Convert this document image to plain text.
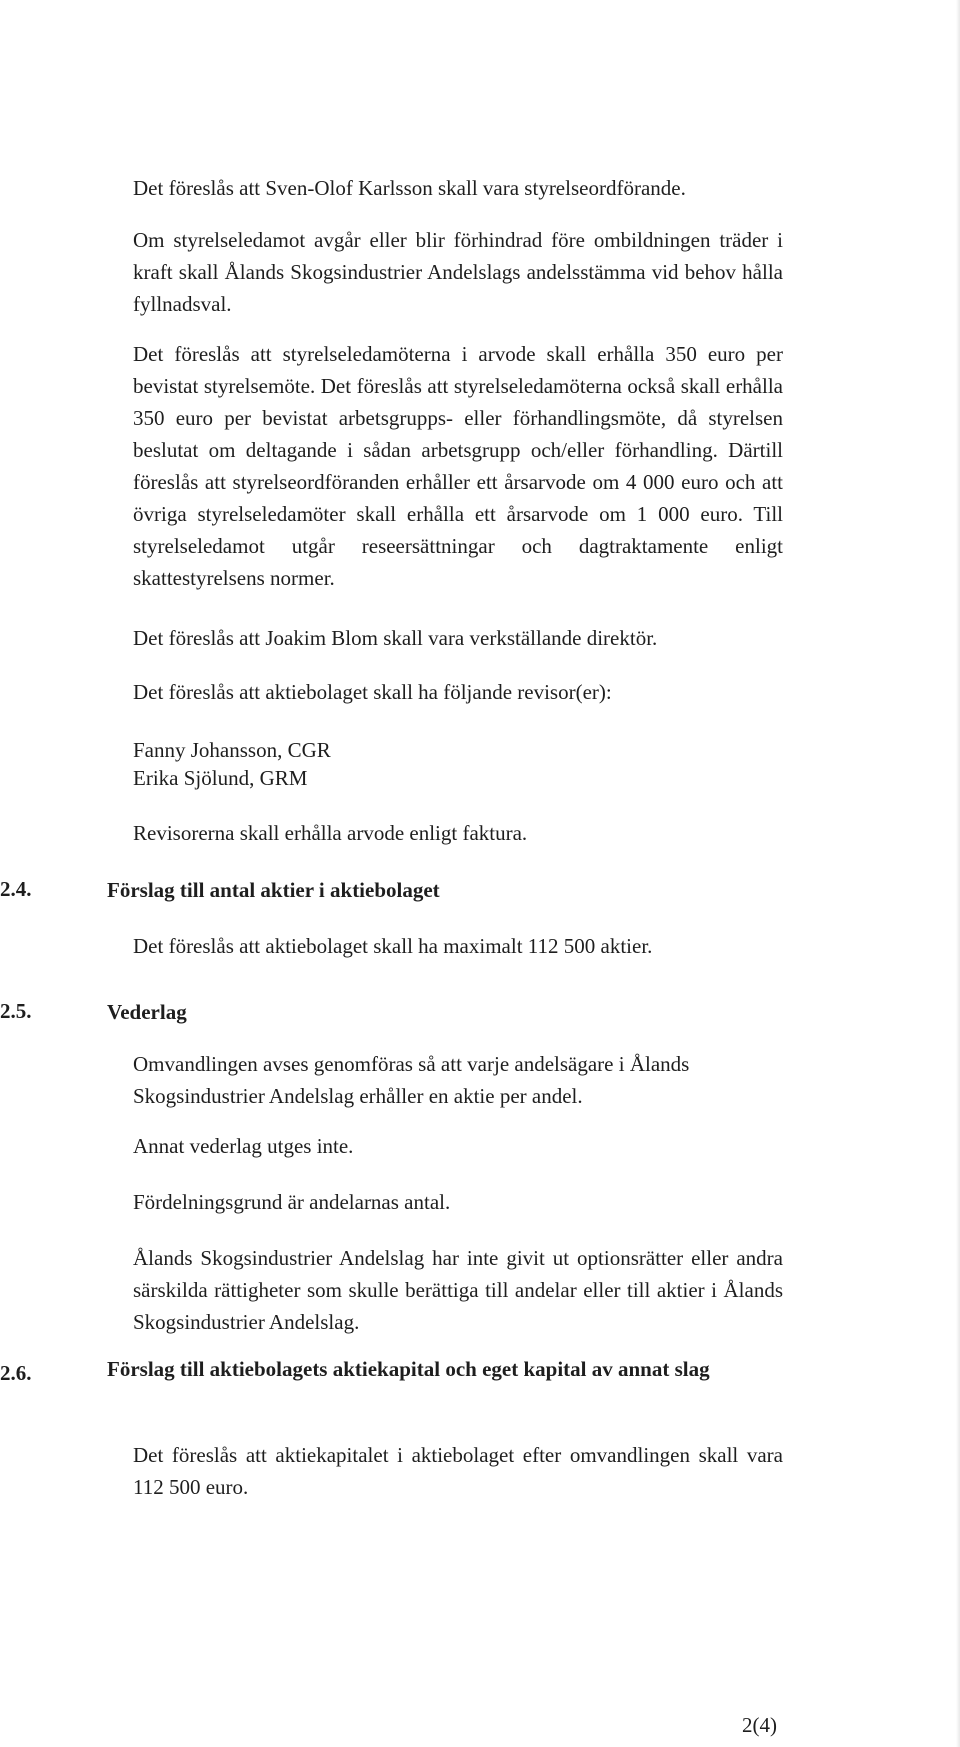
Det föreslås att Sven-Olof Karlsson skall vara styrelseordförande.

Om styrelseledamot avgår eller blir förhindrad före ombildningen träder i kraft skall Ålands Skogsindustrier Andelslags andelsstämma vid behov hålla fyllnadsval.

Det föreslås att styrelseledamöterna i arvode skall erhålla 350 euro per bevistat styrelsemöte. Det föreslås att styrelseledamöterna också skall erhålla 350 euro per bevistat arbetsgrupps- eller förhandlingsmöte, då styrelsen beslutat om deltagande i sådan arbetsgrupp och/eller förhandling. Därtill föreslås att styrelseordföranden erhåller ett årsarvode om 4 000 euro och att övriga styrelseledamöter skall erhålla ett årsarvode om 1 000 euro. Till styrelseledamot utgår reseersättningar och dagtraktamente enligt skattestyrelsens normer.

Det föreslås att Joakim Blom skall vara verkställande direktör.

Det föreslås att aktiebolaget skall ha följande revisor(er):

Fanny Johansson, CGR

Erika Sjölund, GRM

Revisorerna skall erhålla arvode enligt faktura.

2.4.	Förslag till antal aktier i aktiebolaget

Det föreslås att aktiebolaget skall ha maximalt 112 500 aktier.

2.5.	Vederlag

Omvandlingen avses genomföras så att varje andelsägare i Ålands Skogsindustrier Andelslag erhåller en aktie per andel.

Annat vederlag utges inte.

Fördelningsgrund är andelarnas antal.

Ålands Skogsindustrier Andelslag har inte givit ut optionsrätter eller andra särskilda rättigheter som skulle berättiga till andelar eller till aktier i Ålands Skogsindustrier Andelslag.

2.6.	Förslag till aktiebolagets aktiekapital och eget kapital av annat slag

Det föreslås att aktiekapitalet i aktiebolaget efter omvandlingen skall vara 112 500 euro.

2(4)
